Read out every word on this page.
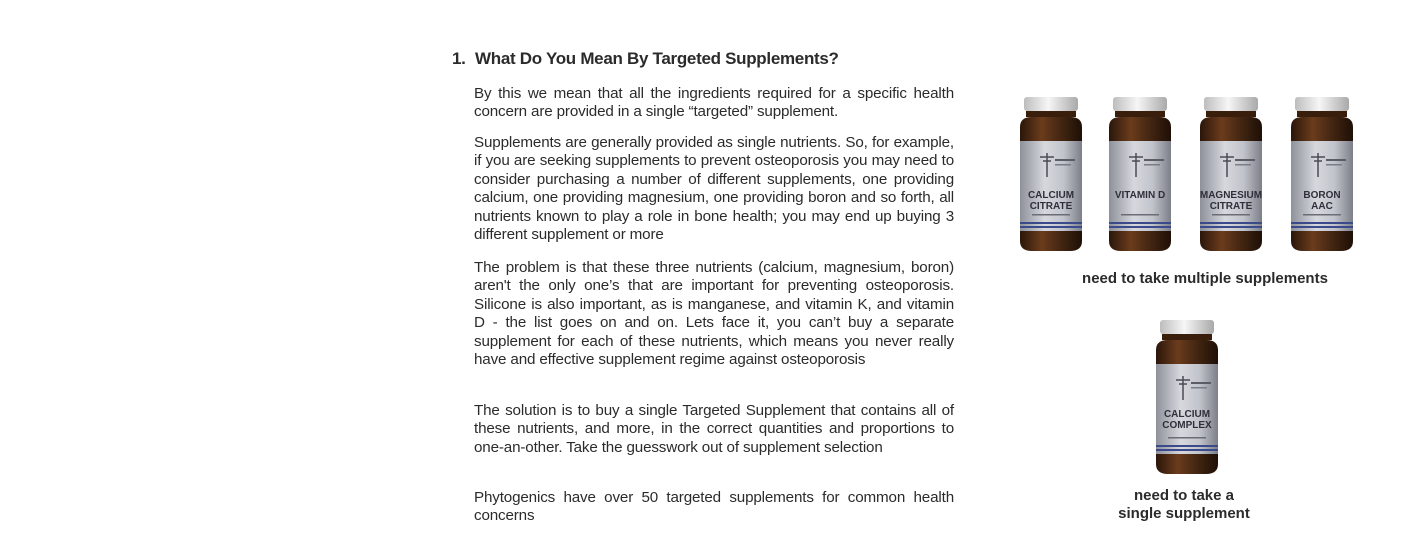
1. What Do You Mean By Targeted Supplements?

By this we mean that all the ingredients required for a specific health concern are provided in a single “targeted” supplement.

Supplements are generally provided as single nutrients. So, for example, if you are seeking supplements to prevent osteoporosis you may need to consider purchasing a number of different supplements, one providing calcium, one providing magnesium, one providing boron and so forth, all nutrients known to play a role in bone health; you may end up buying 3 different supplement or more

The problem is that these three nutrients (calcium, magnesium, boron) aren't the only one’s that are important for preventing osteoporosis. Silicone is also important, as is manganese, and vitamin K, and vitamin D - the list goes on and on. Lets face it, you can’t buy a separate supplement for each of these nutrients, which means you never really have and effective supplement regime against osteoporosis

The solution is to buy a single Targeted Supplement that contains all of these nutrients, and more, in the correct quantities and proportions to one-an-other. Take the guesswork out of supplement selection

Phytogenics have over 50 targeted supplements for common health concerns

CALCIUM
CITRATE
VITAMIN D	MAGNESIUM
CITRATE
BORON
AAC
need to take multiple supplements
CALCIUM
COMPLEX
need to take a
single supplement
